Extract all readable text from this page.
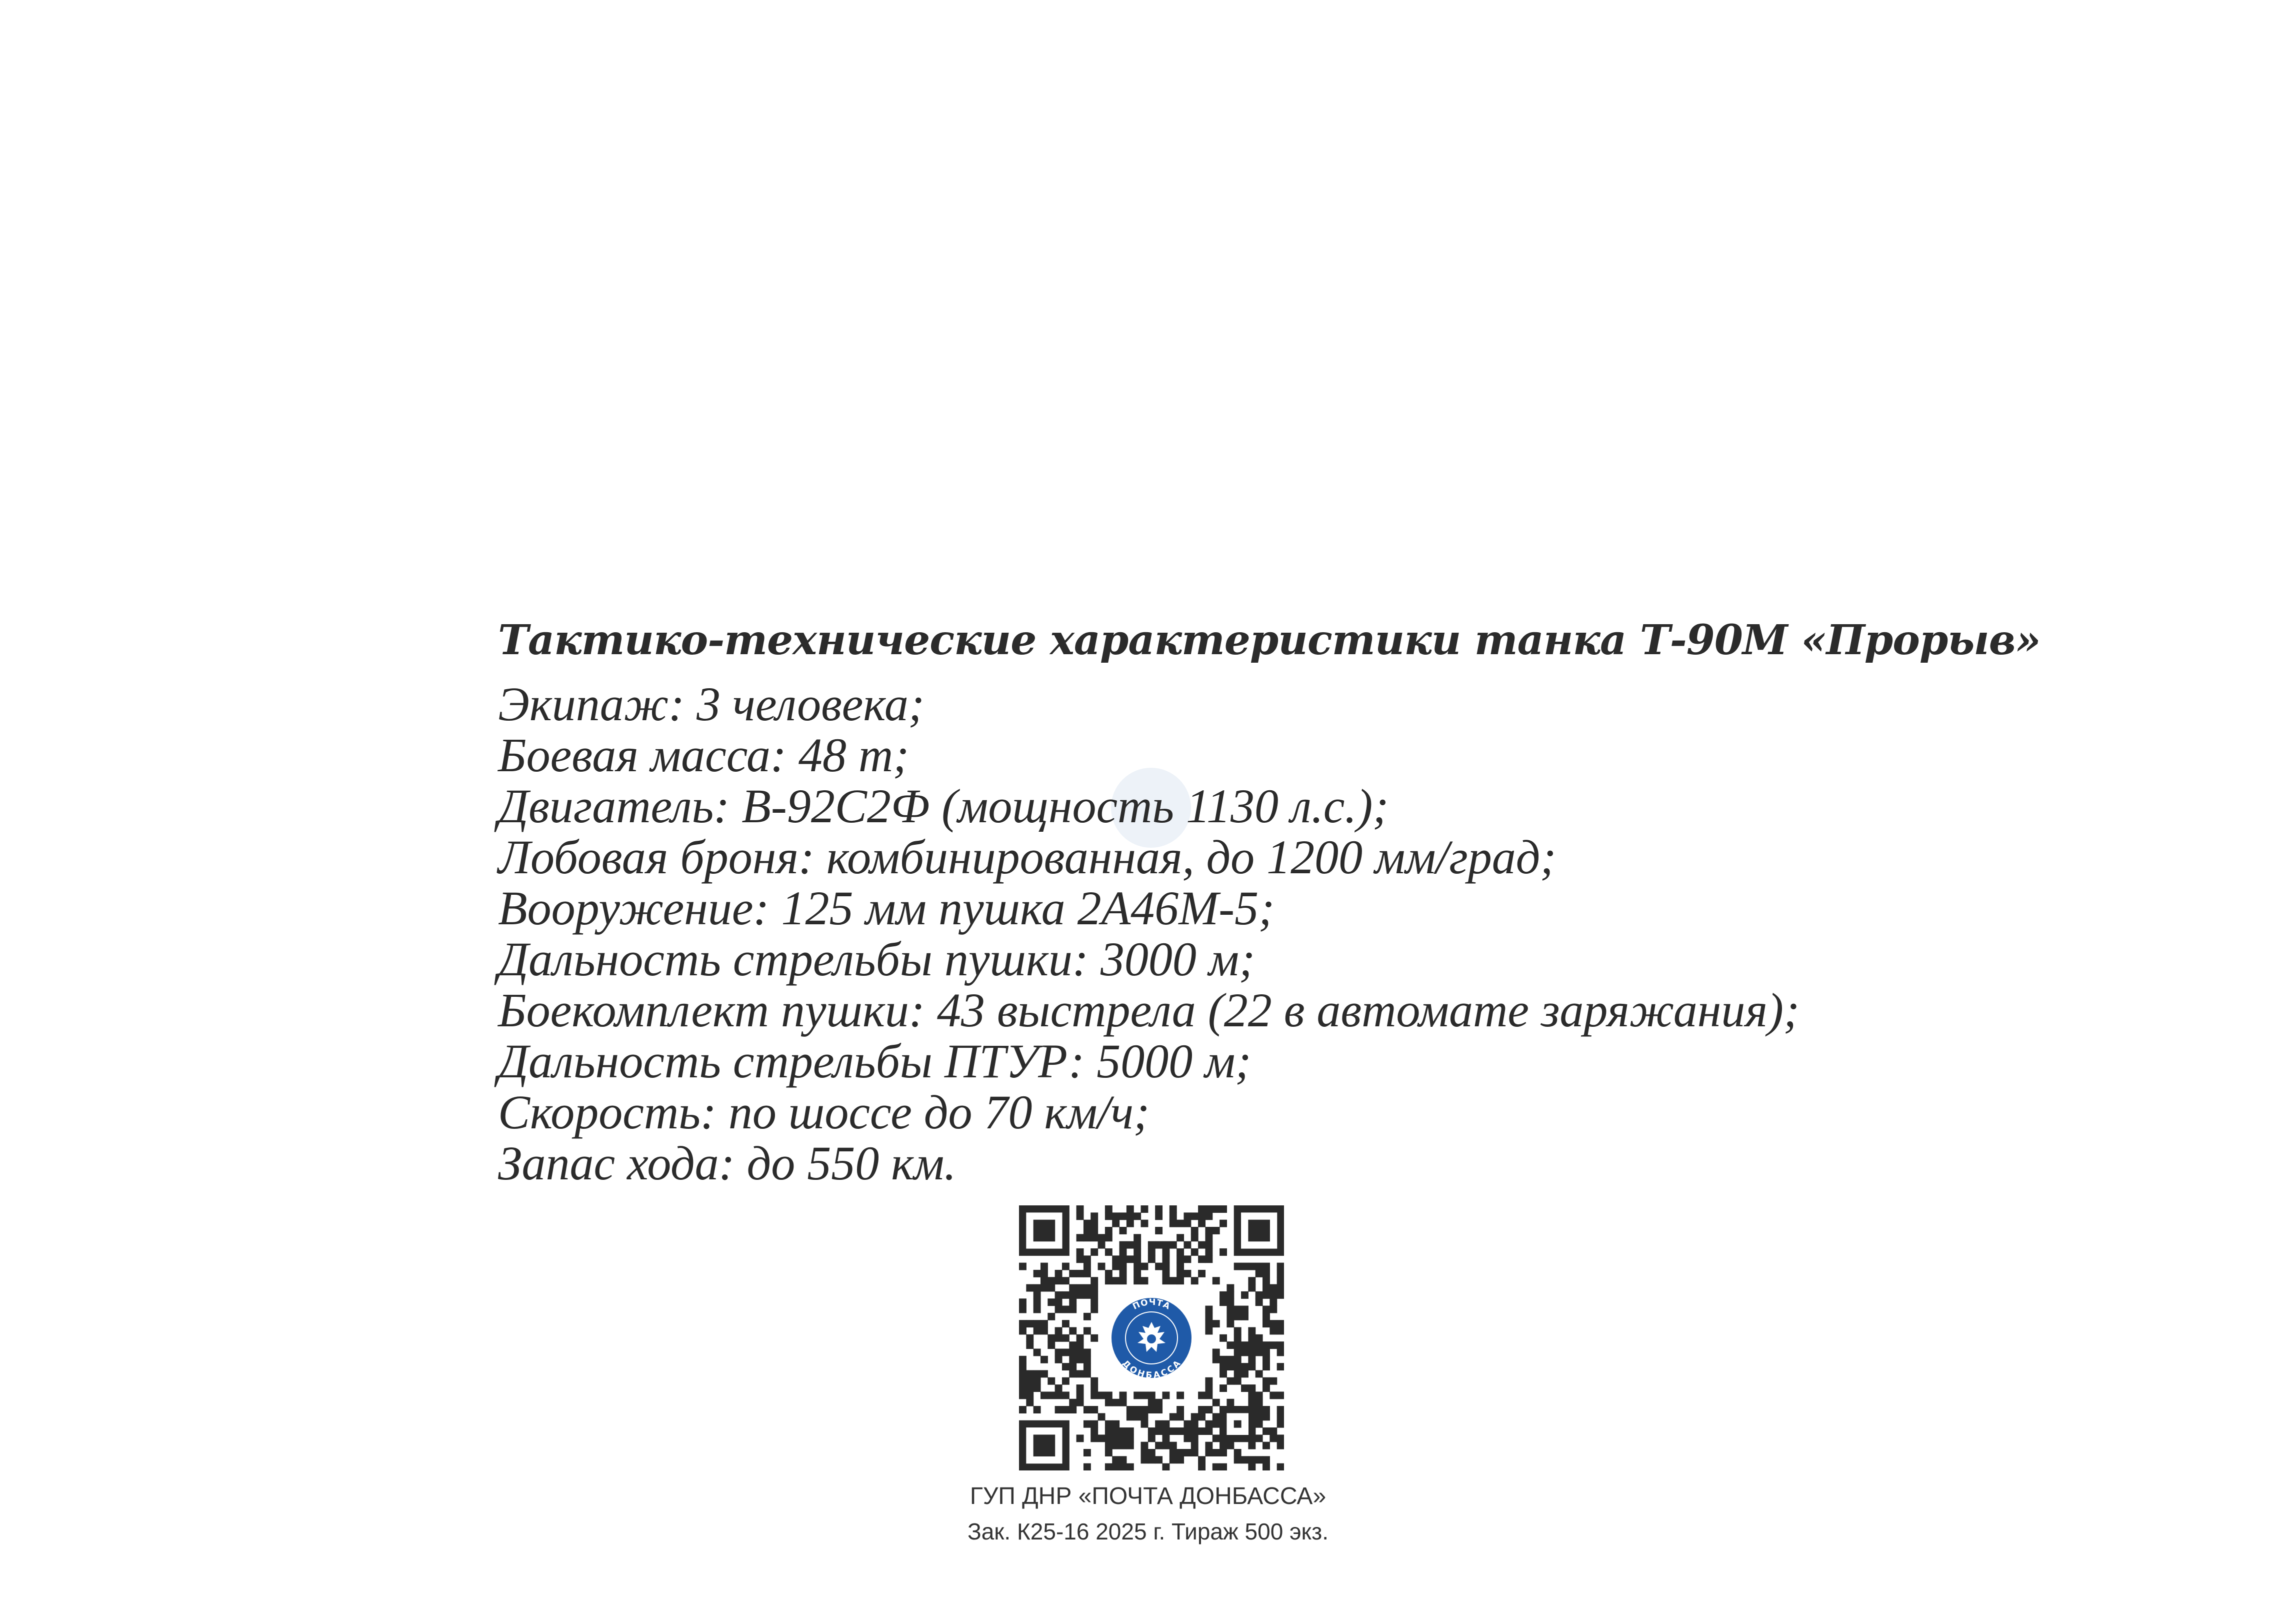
Тактико-технические характеристики танка Т-90М «Прорыв»
Экипаж: 3 человека;
Боевая масса: 48 т;
Двигатель: В-92С2Ф (мощность 1130 л.с.);
Лобовая броня: комбинированная, до 1200 мм/град;
Вооружение: 125 мм пушка 2А46М-5;
Дальность стрельбы пушки: 3000 м;
Боекомплект пушки: 43 выстрела (22 в автомате заряжания);
Дальность стрельбы ПТУР: 5000 м;
Скорость: по шоссе до 70 км/ч;
Запас хода: до 550 км.
ПОЧТА
ДОНБАССА
ГУП ДНР «ПОЧТА ДОНБАССА»
Зак. К25-16 2025 г. Тираж 500 экз.
